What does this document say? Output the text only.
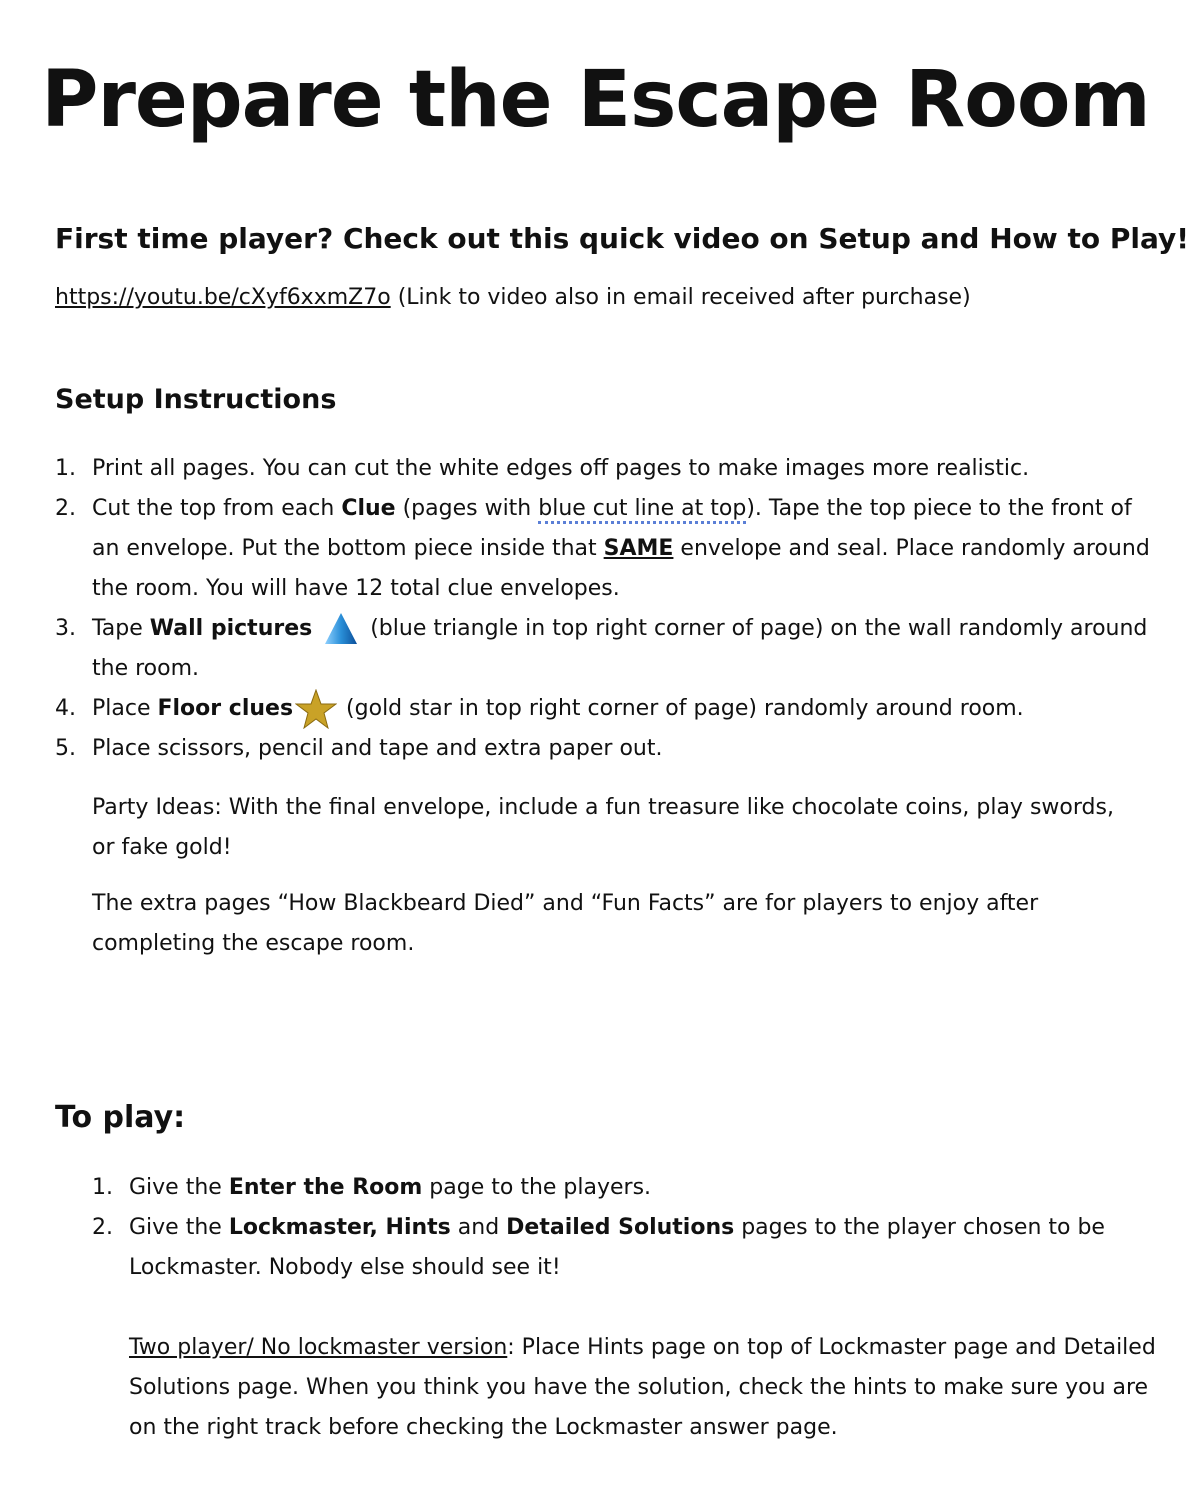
Prepare the Escape Room
First time player? Check out this quick video on Setup and How to Play!

https://youtu.be/cXyf6xxmZ7o (Link to video also in email received after purchase)

Setup Instructions
1. Print all pages. You can cut the white edges off pages to make images more realistic.
2. Cut the top from each Clue (pages with blue cut line at top). Tape the top piece to the front of an envelope. Put the bottom piece inside that SAME envelope and seal. Place randomly around the room. You will have 12 total clue envelopes.
3. Tape Wall pictures  (blue triangle in top right corner of page) on the wall randomly around the room.
4. Place Floor clues (gold star in top right corner of page) randomly around room.
5. Place scissors, pencil and tape and extra paper out.

Party Ideas: With the final envelope, include a fun treasure like chocolate coins, play swords, or fake gold!

The extra pages “How Blackbeard Died” and “Fun Facts” are for players to enjoy after completing the escape room.

To play:
1. Give the Enter the Room page to the players.
2. Give the Lockmaster, Hints and Detailed Solutions pages to the player chosen to be Lockmaster. Nobody else should see it!

Two player/ No lockmaster version: Place Hints page on top of Lockmaster page and Detailed Solutions page. When you think you have the solution, check the hints to make sure you are on the right track before checking the Lockmaster answer page.
